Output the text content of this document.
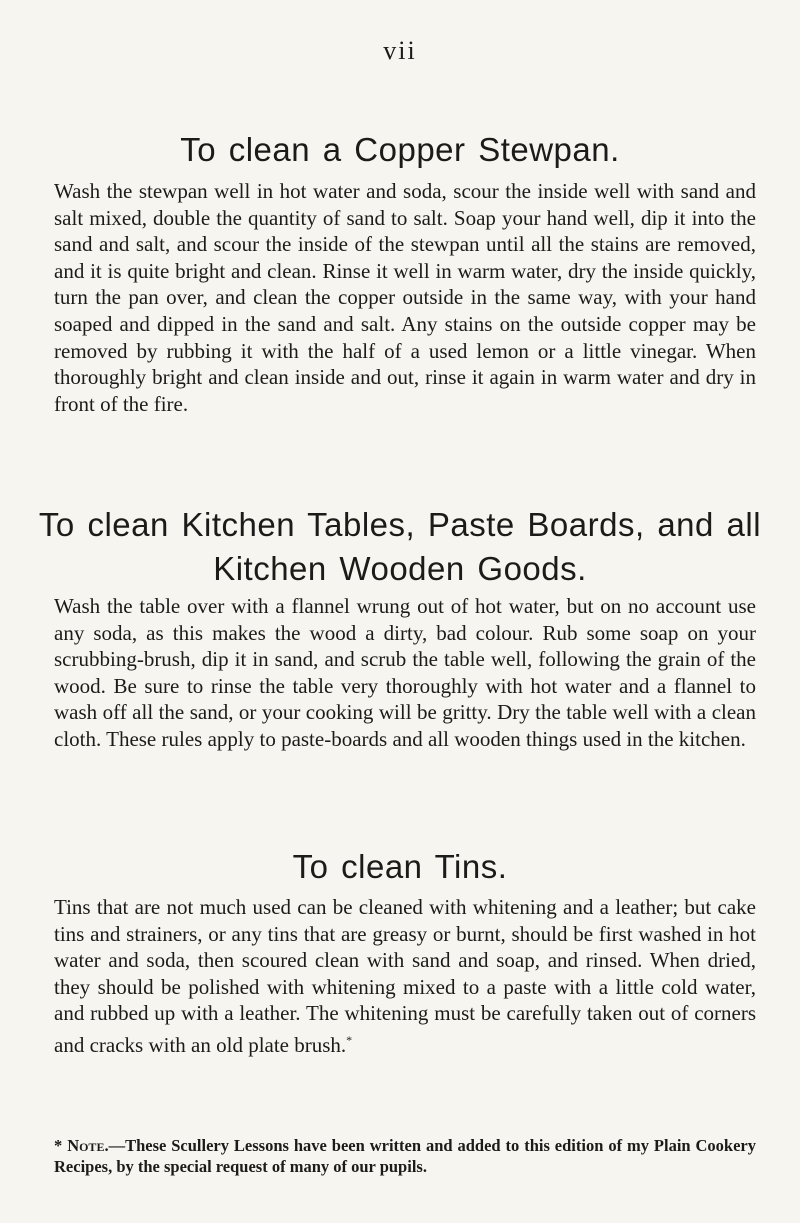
vii
To clean a Copper Stewpan.

Wash the stewpan well in hot water and soda, scour the inside well with sand and salt mixed, double the quantity of sand to salt. Soap your hand well, dip it into the sand and salt, and scour the inside of the stewpan until all the stains are removed, and it is quite bright and clean. Rinse it well in warm water, dry the inside quickly, turn the pan over, and clean the copper outside in the same way, with your hand soaped and dipped in the sand and salt. Any stains on the outside copper may be removed by rubbing it with the half of a used lemon or a little vinegar. When thoroughly bright and clean inside and out, rinse it again in warm water and dry in front of the fire.

To clean Kitchen Tables, Paste Boards, and all Kitchen Wooden Goods.

Wash the table over with a flannel wrung out of hot water, but on no account use any soda, as this makes the wood a dirty, bad colour. Rub some soap on your scrubbing-brush, dip it in sand, and scrub the table well, following the grain of the wood. Be sure to rinse the table very thoroughly with hot water and a flannel to wash off all the sand, or your cooking will be gritty. Dry the table well with a clean cloth. These rules apply to paste-boards and all wooden things used in the kitchen.

To clean Tins.

Tins that are not much used can be cleaned with whitening and a leather; but cake tins and strainers, or any tins that are greasy or burnt, should be first washed in hot water and soda, then scoured clean with sand and soap, and rinsed. When dried, they should be polished with whitening mixed to a paste with a little cold water, and rubbed up with a leather. The whitening must be carefully taken out of corners and cracks with an old plate brush.*

* Note.—These Scullery Lessons have been written and added to this edition of my Plain Cookery Recipes, by the special request of many of our pupils.
